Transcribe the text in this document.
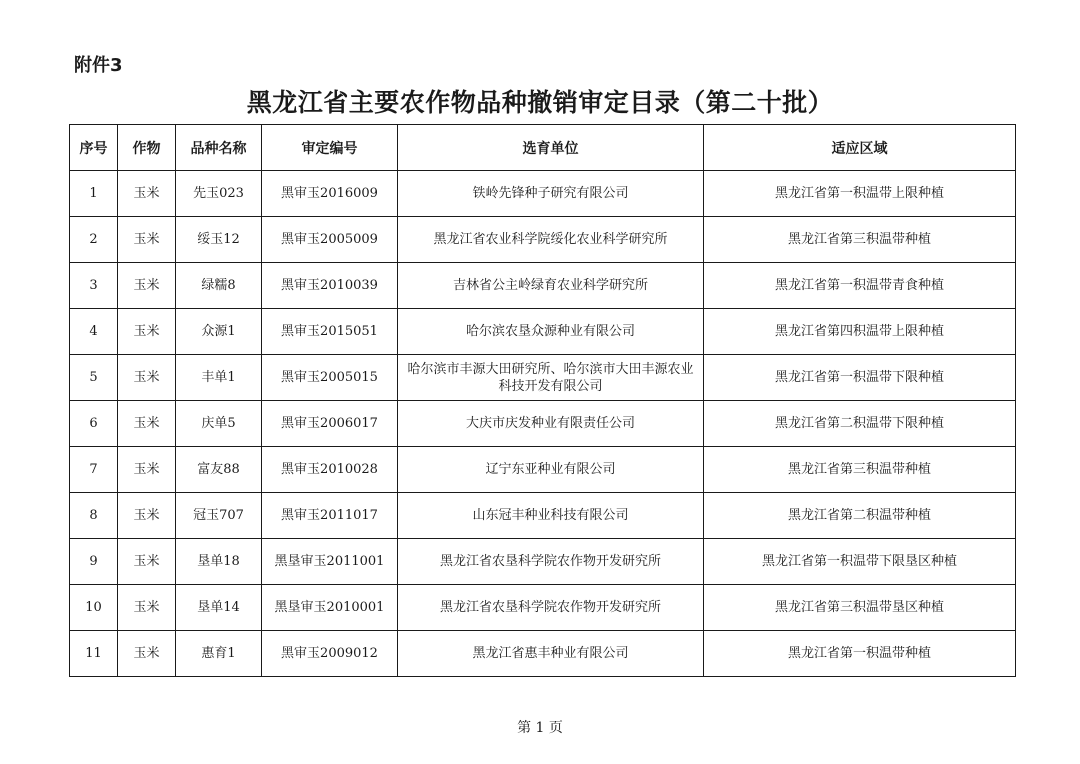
附件3
黑龙江省主要农作物品种撤销审定目录（第二十批）
序号	作物	品种名称	审定编号	选育单位	适应区域
1	玉米	先玉023	黑审玉2016009	铁岭先锋种子研究有限公司	黑龙江省第一积温带上限种植
2	玉米	绥玉12	黑审玉2005009	黑龙江省农业科学院绥化农业科学研究所	黑龙江省第三积温带种植
3	玉米	绿糯8	黑审玉2010039	吉林省公主岭绿育农业科学研究所	黑龙江省第一积温带青食种植
4	玉米	众源1	黑审玉2015051	哈尔滨农垦众源种业有限公司	黑龙江省第四积温带上限种植
5	玉米	丰单1	黑审玉2005015	哈尔滨市丰源大田研究所、哈尔滨市大田丰源农业科技开发有限公司	黑龙江省第一积温带下限种植
6	玉米	庆单5	黑审玉2006017	大庆市庆发种业有限责任公司	黑龙江省第二积温带下限种植
7	玉米	富友88	黑审玉2010028	辽宁东亚种业有限公司	黑龙江省第三积温带种植
8	玉米	冠玉707	黑审玉2011017	山东冠丰种业科技有限公司	黑龙江省第二积温带种植
9	玉米	垦单18	黑垦审玉2011001	黑龙江省农垦科学院农作物开发研究所	黑龙江省第一积温带下限垦区种植
10	玉米	垦单14	黑垦审玉2010001	黑龙江省农垦科学院农作物开发研究所	黑龙江省第三积温带垦区种植
11	玉米	惠育1	黑审玉2009012	黑龙江省惠丰种业有限公司	黑龙江省第一积温带种植
第 1 页
